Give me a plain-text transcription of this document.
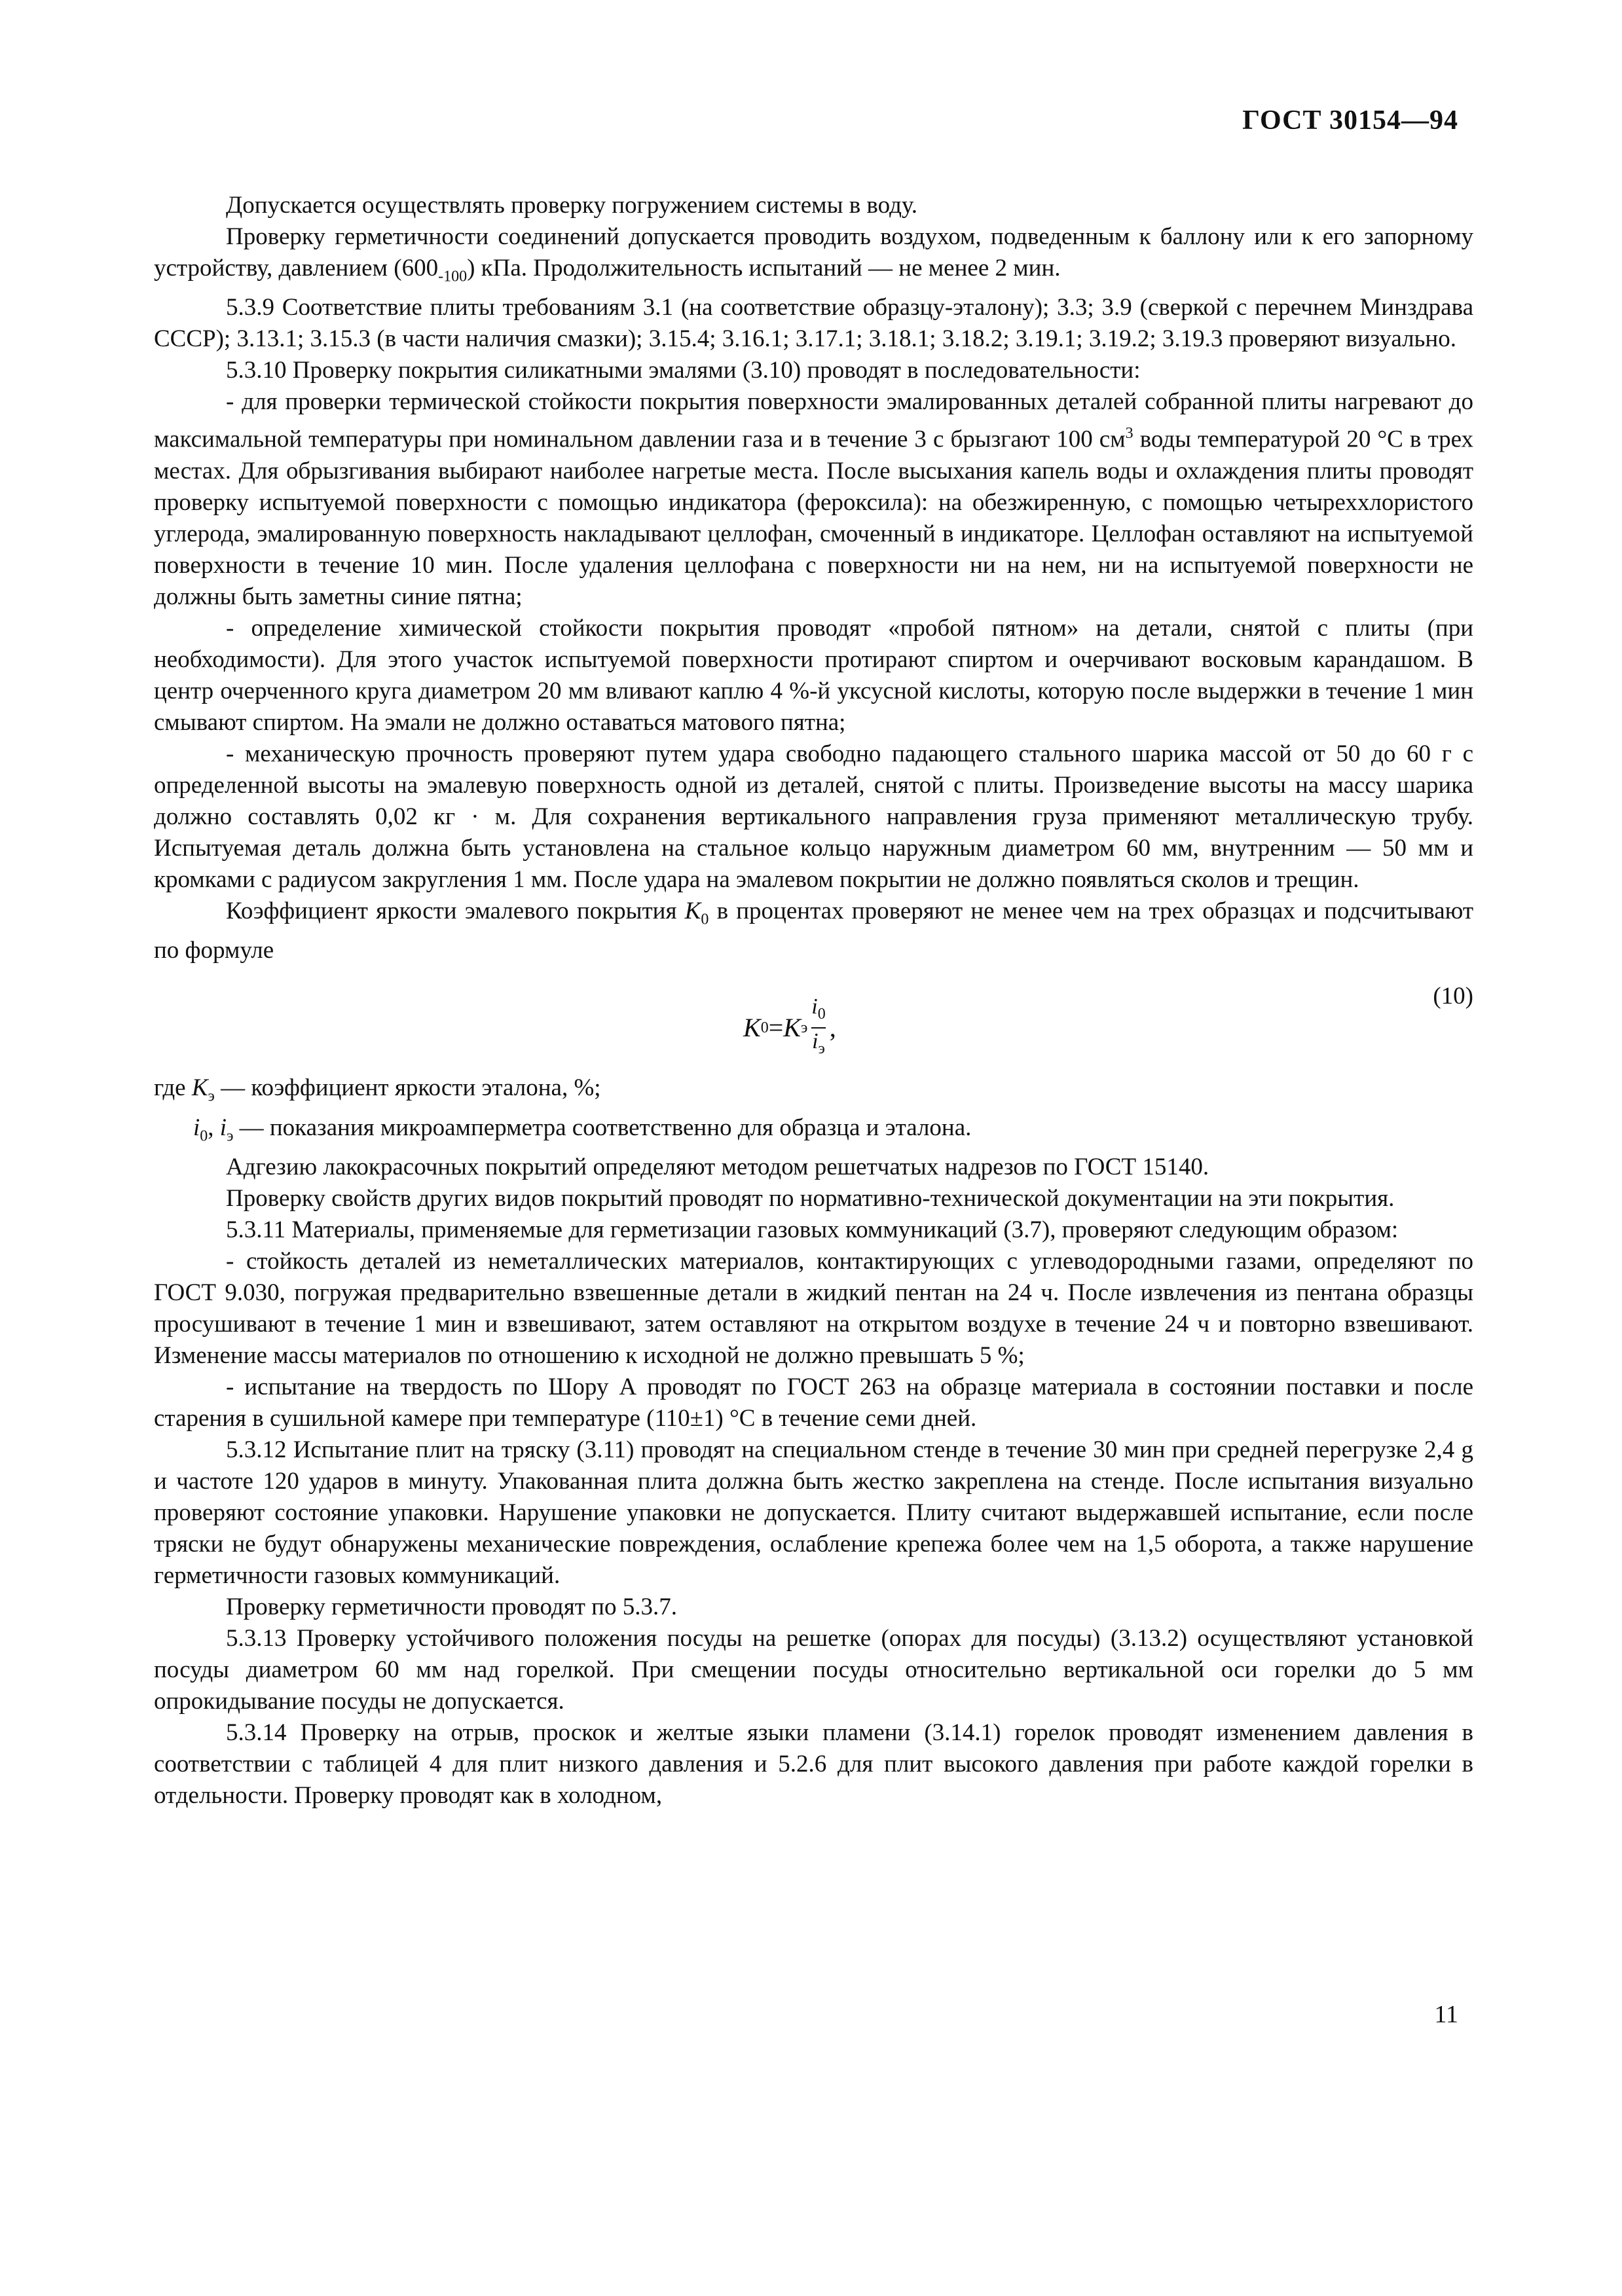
ГОСТ 30154—94

Допускается осуществлять проверку погружением системы в воду.

Проверку герметичности соединений допускается проводить воздухом, подведенным к баллону или к его запорному устройству, давлением $(600_{-100})$ кПа. Продолжительность испытаний — не менее 2 мин.

5.3.9 Соответствие плиты требованиям 3.1 (на соответствие образцу-эталону); 3.3; 3.9 (сверкой с перечнем Минздрава СССР); 3.13.1; 3.15.3 (в части наличия смазки); 3.15.4; 3.16.1; 3.17.1; 3.18.1; 3.18.2; 3.19.1; 3.19.2; 3.19.3 проверяют визуально.

5.3.10 Проверку покрытия силикатными эмалями (3.10) проводят в последовательности:

- для проверки термической стойкости покрытия поверхности эмалированных деталей собранной плиты нагревают до максимальной температуры при номинальном давлении газа и в течение 3 с брызгают 100 $см^3$ воды температурой 20 °С в трех местах. Для обрызгивания выбирают наиболее нагретые места. После высыхания капель воды и охлаждения плиты проводят проверку испытуемой поверхности с помощью индикатора (фероксила): на обезжиренную, с помощью четыреххлористого углерода, эмалированную поверхность накладывают целлофан, смоченный в индикаторе. Целлофан оставляют на испытуемой поверхности в течение 10 мин. После удаления целлофана с поверхности ни на нем, ни на испытуемой поверхности не должны быть заметны синие пятна;

- определение химической стойкости покрытия проводят «пробой пятном» на детали, снятой с плиты (при необходимости). Для этого участок испытуемой поверхности протирают спиртом и очерчивают восковым карандашом. В центр очерченного круга диаметром 20 мм вливают каплю 4 %-й уксусной кислоты, которую после выдержки в течение 1 мин смывают спиртом. На эмали не должно оставаться матового пятна;

- механическую прочность проверяют путем удара свободно падающего стального шарика массой от 50 до 60 г с определенной высоты на эмалевую поверхность одной из деталей, снятой с плиты. Произведение высоты на массу шарика должно составлять 0,02 кг · м. Для сохранения вертикального направления груза применяют металлическую трубу. Испытуемая деталь должна быть установлена на стальное кольцо наружным диаметром 60 мм, внутренним — 50 мм и кромками с радиусом закругления 1 мм. После удара на эмалевом покрытии не должно появляться сколов и трещин.

Коэффициент яркости эмалевого покрытия $K_0$ в процентах проверяют не менее чем на трех образцах и подсчитывают по формуле

K 0 = K э $\frac{i_0}{i_э}$ ,
(10)

где $K_э$ — коэффициент яркости эталона, %;

$i_0$, $i_э$ — показания микроамперметра соответственно для образца и эталона.

Адгезию лакокрасочных покрытий определяют методом решетчатых надрезов по ГОСТ 15140.

Проверку свойств других видов покрытий проводят по нормативно-технической документации на эти покрытия.

5.3.11 Материалы, применяемые для герметизации газовых коммуникаций (3.7), проверяют следующим образом:

- стойкость деталей из неметаллических материалов, контактирующих с углеводородными газами, определяют по ГОСТ 9.030, погружая предварительно взвешенные детали в жидкий пентан на 24 ч. После извлечения из пентана образцы просушивают в течение 1 мин и взвешивают, затем оставляют на открытом воздухе в течение 24 ч и повторно взвешивают. Изменение массы материалов по отношению к исходной не должно превышать 5 %;

- испытание на твердость по Шору А проводят по ГОСТ 263 на образце материала в состоянии поставки и после старения в сушильной камере при температуре (110±1) °С в течение семи дней.

5.3.12 Испытание плит на тряску (3.11) проводят на специальном стенде в течение 30 мин при средней перегрузке 2,4 g и частоте 120 ударов в минуту. Упакованная плита должна быть жестко закреплена на стенде. После испытания визуально проверяют состояние упаковки. Нарушение упаковки не допускается. Плиту считают выдержавшей испытание, если после тряски не будут обнаружены механические повреждения, ослабление крепежа более чем на 1,5 оборота, а также нарушение герметичности газовых коммуникаций.

Проверку герметичности проводят по 5.3.7.

5.3.13 Проверку устойчивого положения посуды на решетке (опорах для посуды) (3.13.2) осуществляют установкой посуды диаметром 60 мм над горелкой. При смещении посуды относительно вертикальной оси горелки до 5 мм опрокидывание посуды не допускается.

5.3.14 Проверку на отрыв, проскок и желтые языки пламени (3.14.1) горелок проводят изменением давления в соответствии с таблицей 4 для плит низкого давления и 5.2.6 для плит высокого давления при работе каждой горелки в отдельности. Проверку проводят как в холодном,

11
